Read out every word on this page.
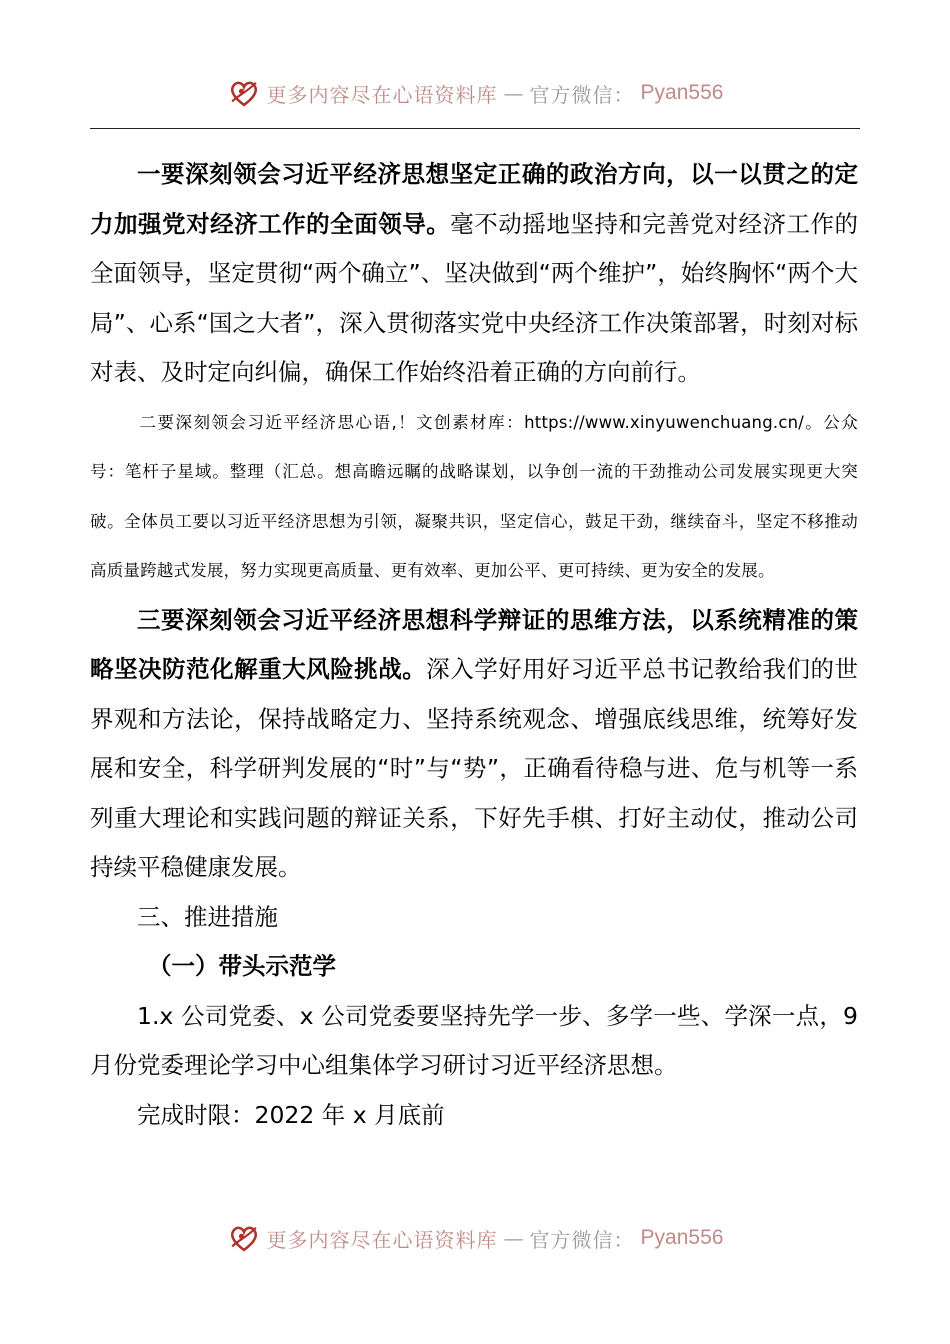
更多内容尽在心语资料库 — 官方微信： Pyan556

一要深刻领会习近平经济思想坚定正确的政治方向，以一以贯之的定力加强党对经济工作的全面领导。毫不动摇地坚持和完善党对经济工作的全面领导，坚定贯彻“两个确立”、坚决做到“两个维护”，始终胸怀“两个大局”、心系“国之大者”，深入贯彻落实党中央经济工作决策部署，时刻对标对表、及时定向纠偏，确保工作始终沿着正确的方向前行。

二要深刻领会习近平经济思心语,！文创素材库：https://www.xinyuwenchuang.cn/。公众号：笔杆子星域。整理（汇总。想高瞻远瞩的战略谋划，以争创一流的干劲推动公司发展实现更大突破。全体员工要以习近平经济思想为引领，凝聚共识，坚定信心，鼓足干劲，继续奋斗，坚定不移推动高质量跨越式发展，努力实现更高质量、更有效率、更加公平、更可持续、更为安全的发展。

三要深刻领会习近平经济思想科学辩证的思维方法，以系统精准的策略坚决防范化解重大风险挑战。深入学好用好习近平总书记教给我们的世界观和方法论，保持战略定力、坚持系统观念、增强底线思维，统筹好发展和安全，科学研判发展的“时”与“势”，正确看待稳与进、危与机等一系列重大理论和实践问题的辩证关系，下好先手棋、打好主动仗，推动公司持续平稳健康发展。

三、推进措施

（一）带头示范学

1.x 公司党委、x 公司党委要坚持先学一步、多学一些、学深一点，9月份党委理论学习中心组集体学习研讨习近平经济思想。

完成时限：2022 年 x 月底前

更多内容尽在心语资料库 — 官方微信： Pyan556
